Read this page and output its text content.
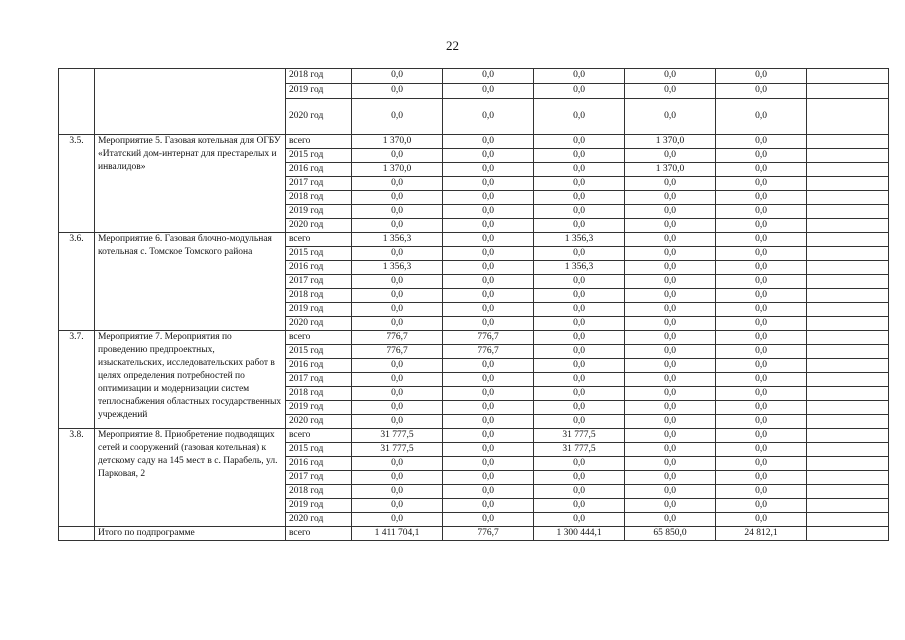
22
		2018 год	0,0	0,0	0,0	0,0	0,0	
		2019 год	0,0	0,0	0,0	0,0	0,0	
		2020 год	0,0	0,0	0,0	0,0	0,0	
3.5.	Мероприятие 5. Газовая котельная для ОГБУ «Итатский дом-интернат для престарелых и инвалидов»	всего	1 370,0	0,0	0,0	1 370,0	0,0	
		2015 год	0,0	0,0	0,0	0,0	0,0	
		2016 год	1 370,0	0,0	0,0	1 370,0	0,0	
		2017 год	0,0	0,0	0,0	0,0	0,0	
		2018 год	0,0	0,0	0,0	0,0	0,0	
		2019 год	0,0	0,0	0,0	0,0	0,0	
		2020 год	0,0	0,0	0,0	0,0	0,0	
3.6.	Мероприятие 6. Газовая блочно-модульная котельная с. Томское Томского района	всего	1 356,3	0,0	1 356,3	0,0	0,0	
		2015 год	0,0	0,0	0,0	0,0	0,0	
		2016 год	1 356,3	0,0	1 356,3	0,0	0,0	
		2017 год	0,0	0,0	0,0	0,0	0,0	
		2018 год	0,0	0,0	0,0	0,0	0,0	
		2019 год	0,0	0,0	0,0	0,0	0,0	
		2020 год	0,0	0,0	0,0	0,0	0,0	
3.7.	Мероприятие 7. Мероприятия по проведению предпроектных, изыскательских, исследовательских работ в целях определения потребностей по оптимизации и модернизации систем теплоснабжения областных государственных учреждений	всего	776,7	776,7	0,0	0,0	0,0	
		2015 год	776,7	776,7	0,0	0,0	0,0	
		2016 год	0,0	0,0	0,0	0,0	0,0	
		2017 год	0,0	0,0	0,0	0,0	0,0	
		2018 год	0,0	0,0	0,0	0,0	0,0	
		2019 год	0,0	0,0	0,0	0,0	0,0	
		2020 год	0,0	0,0	0,0	0,0	0,0	
3.8.	Мероприятие 8. Приобретение подводящих сетей и сооружений (газовая котельная) к детскому саду на 145 мест в с. Парабель, ул. Парковая, 2	всего	31 777,5	0,0	31 777,5	0,0	0,0	
		2015 год	31 777,5	0,0	31 777,5	0,0	0,0	
		2016 год	0,0	0,0	0,0	0,0	0,0	
		2017 год	0,0	0,0	0,0	0,0	0,0	
		2018 год	0,0	0,0	0,0	0,0	0,0	
		2019 год	0,0	0,0	0,0	0,0	0,0	
		2020 год	0,0	0,0	0,0	0,0	0,0	
	Итого по подпрограмме	всего	1 411 704,1	776,7	1 300 444,1	65 850,0	24 812,1	
